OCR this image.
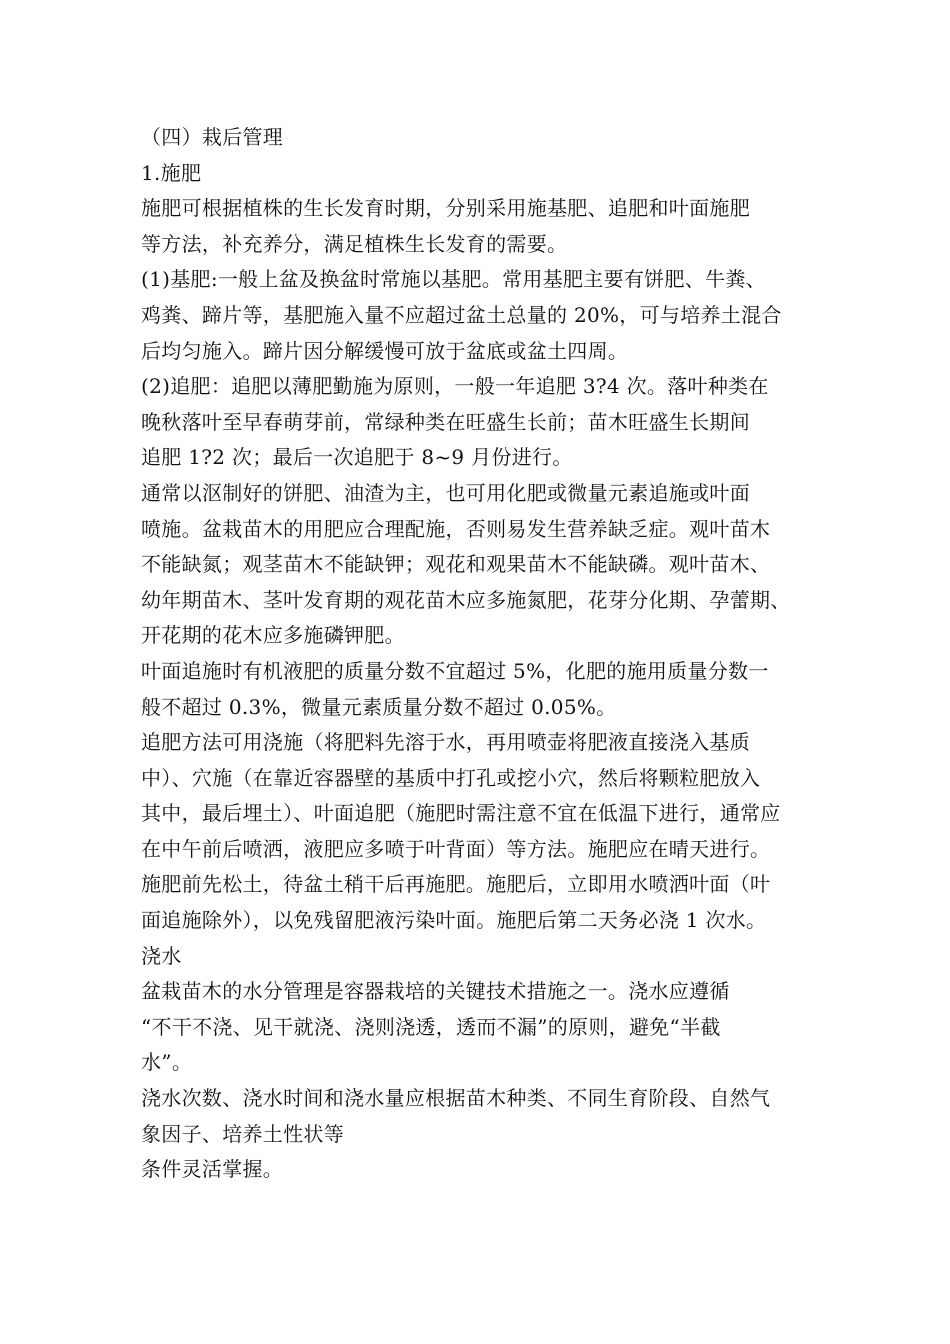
（四）栽后管理
1.施肥
施肥可根据植株的生长发育时期，分别采用施基肥、追肥和叶面施肥
等方法，补充养分，满足植株生长发育的需要。
(1)基肥:一般上盆及换盆时常施以基肥。常用基肥主要有饼肥、牛粪、
鸡粪、蹄片等，基肥施入量不应超过盆土总量的 20%，可与培养土混合
后均匀施入。蹄片因分解缓慢可放于盆底或盆土四周。
(2)追肥：追肥以薄肥勤施为原则，一般一年追肥 3?4 次。落叶种类在
晚秋落叶至早春萌芽前，常绿种类在旺盛生长前；苗木旺盛生长期间
追肥 1?2 次；最后一次追肥于 8~9 月份进行。
通常以沤制好的饼肥、油渣为主，也可用化肥或微量元素追施或叶面
喷施。盆栽苗木的用肥应合理配施，否则易发生营养缺乏症。观叶苗木
不能缺氮；观茎苗木不能缺钾；观花和观果苗木不能缺磷。观叶苗木、
幼年期苗木、茎叶发育期的观花苗木应多施氮肥，花芽分化期、孕蕾期、
开花期的花木应多施磷钾肥。
叶面追施时有机液肥的质量分数不宜超过 5%，化肥的施用质量分数一
般不超过 0.3%，微量元素质量分数不超过 0.05%。
追肥方法可用浇施（将肥料先溶于水，再用喷壶将肥液直接浇入基质
中）、穴施（在靠近容器壁的基质中打孔或挖小穴，然后将颗粒肥放入
其中，最后埋土）、叶面追肥（施肥时需注意不宜在低温下进行，通常应
在中午前后喷洒，液肥应多喷于叶背面）等方法。施肥应在晴天进行。
施肥前先松土，待盆土稍干后再施肥。施肥后，立即用水喷洒叶面（叶
面追施除外），以免残留肥液污染叶面。施肥后第二天务必浇 1 次水。
浇水
盆栽苗木的水分管理是容器栽培的关键技术措施之一。浇水应遵循
“不干不浇、见干就浇、浇则浇透，透而不漏”的原则，避免“半截
水”。
浇水次数、浇水时间和浇水量应根据苗木种类、不同生育阶段、自然气
象因子、培养土性状等
条件灵活掌握。
